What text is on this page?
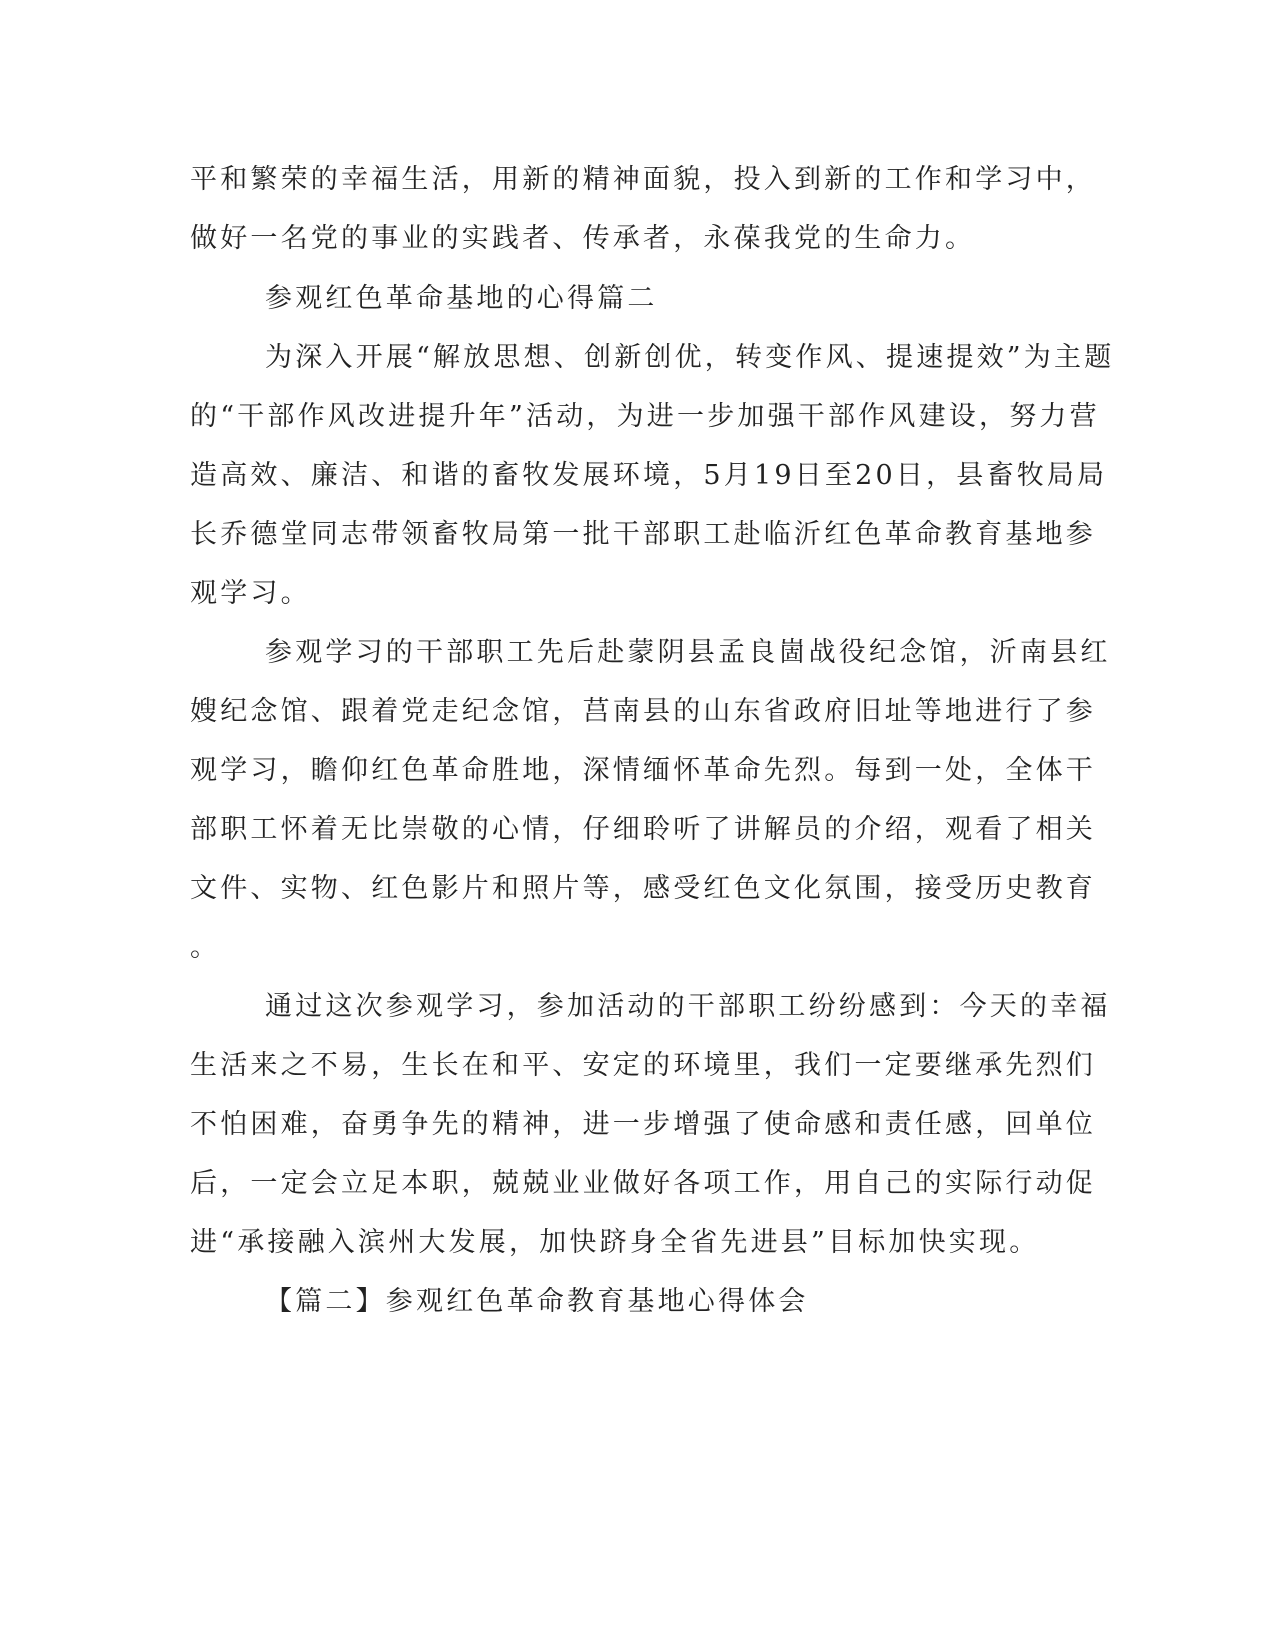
平和繁荣的幸福生活，用新的精神面貌，投入到新的工作和学习中，

做好一名党的事业的实践者、传承者，永葆我党的生命力。

参观红色革命基地的心得篇二

为深入开展“解放思想、创新创优，转变作风、提速提效”为主题

的“干部作风改进提升年”活动，为进一步加强干部作风建设，努力营

造高效、廉洁、和谐的畜牧发展环境，5月19日至20日，县畜牧局局

长乔德堂同志带领畜牧局第一批干部职工赴临沂红色革命教育基地参

观学习。

参观学习的干部职工先后赴蒙阴县孟良崮战役纪念馆，沂南县红

嫂纪念馆、跟着党走纪念馆，莒南县的山东省政府旧址等地进行了参

观学习，瞻仰红色革命胜地，深情缅怀革命先烈。每到一处，全体干

部职工怀着无比崇敬的心情，仔细聆听了讲解员的介绍，观看了相关

文件、实物、红色影片和照片等，感受红色文化氛围，接受历史教育

。

通过这次参观学习，参加活动的干部职工纷纷感到：今天的幸福

生活来之不易，生长在和平、安定的环境里，我们一定要继承先烈们

不怕困难，奋勇争先的精神，进一步增强了使命感和责任感，回单位

后，一定会立足本职，兢兢业业做好各项工作，用自己的实际行动促

进“承接融入滨州大发展，加快跻身全省先进县”目标加快实现。

【篇二】参观红色革命教育基地心得体会
